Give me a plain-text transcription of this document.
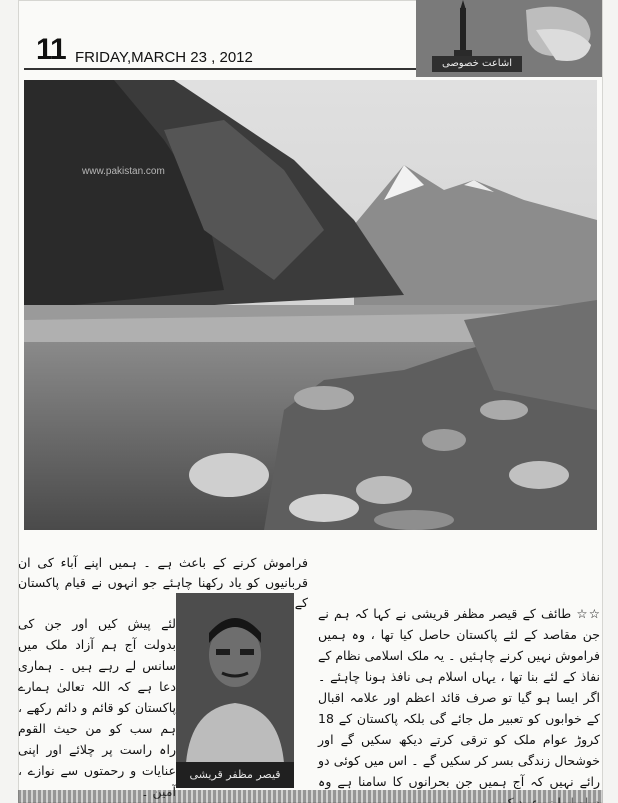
11 FRIDAY,MARCH 23 , 2012	اشاعت خصوصی
www.pakistan.com

فراموش کرنے کے باعث ہے ۔ ہمیں اپنے آباء کی ان قربانیوں کو یاد رکھنا چاہئے جو انہوں نے قیام پاکستان کے

لئے پیش کیں اور جن کی بدولت آج ہم آزاد ملک میں سانس لے رہے ہیں ۔ ہماری دعا ہے کہ اللہ تعالیٰ ہمارے پاکستان کو قائم و دائم رکھے ، ہم سب کو من حیث القوم راہ راست پر چلائے اور اپنی عنایات و رحمتوں سے نوازے ،	قیصر مظفر قریشی

☆☆ طائف کے قیصر مظفر قریشی نے کہا کہ ہم نے جن مقاصد کے لئے پاکستان حاصل کیا تھا ، وہ ہمیں فراموش نہیں کرنے چاہئیں ۔ یہ ملک اسلامی نظام کے نفاذ کے لئے بنا تھا ، یہاں اسلام ہی نافذ ہونا چاہئے ۔ اگر ایسا ہو گیا تو صرف قائد اعظم اور علامہ اقبال کے خوابوں کو تعبیر مل جائے گی بلکہ پاکستان کے 18 کروڑ عوام ملک کو ترقی کرتے دیکھ سکیں گے اور خوشحال زندگی بسر کر سکیں گے ۔ اس میں کوئی دو رائے نہیں کہ آج ہمیں جن بحرانوں کا سامنا ہے وہ
